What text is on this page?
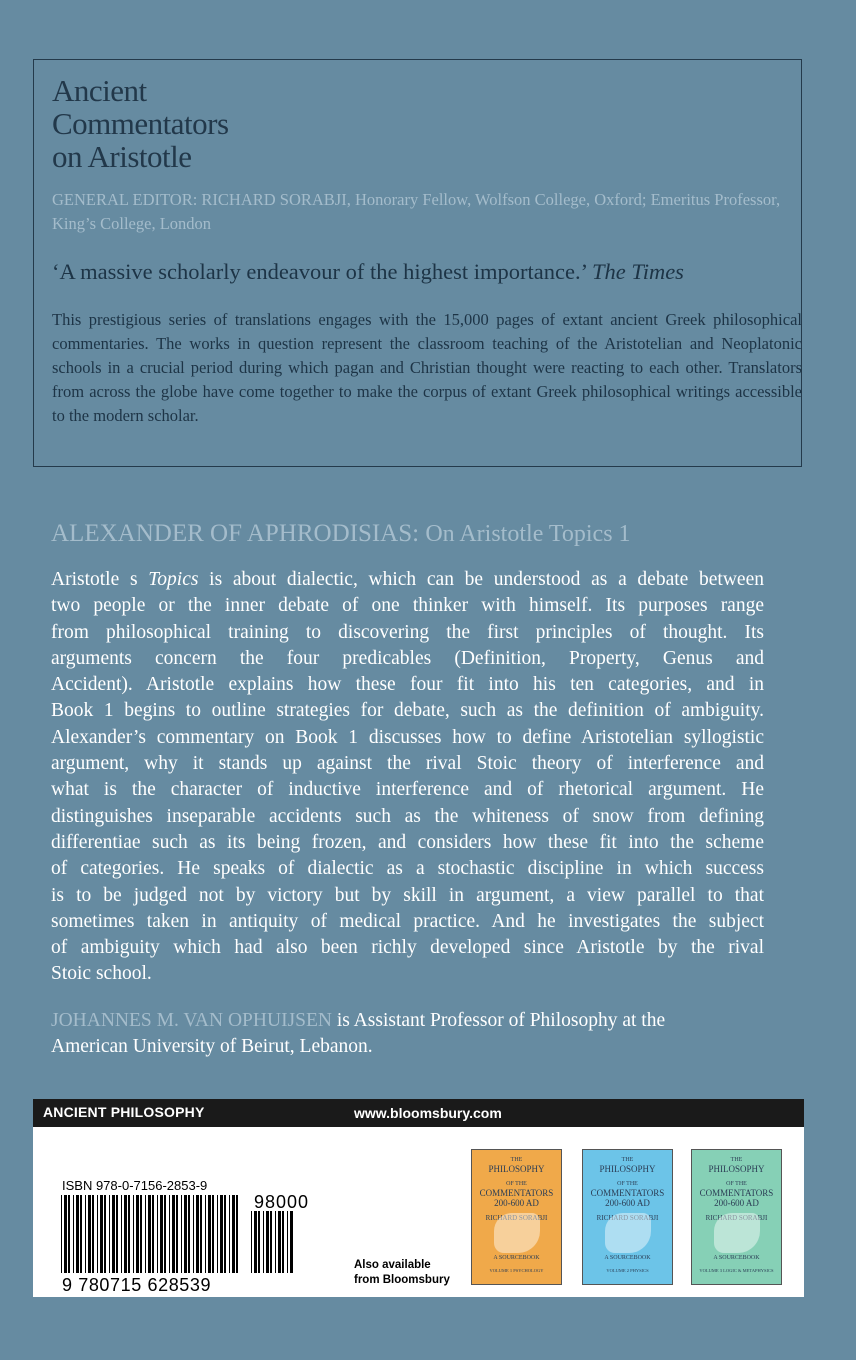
Ancient
Commentators
on Aristotle
GENERAL EDITOR: RICHARD SORABJI, Honorary Fellow, Wolfson College, Oxford; Emeritus Professor, King’s College, London
‘A massive scholarly endeavour of the highest importance.’ The Times
This prestigious series of translations engages with the 15,000 pages of extant ancient Greek philosophical commentaries. The works in question represent the classroom teaching of the Aristotelian and Neoplatonic schools in a crucial period during which pagan and Christian thought were reacting to each other. Translators from across the globe have come together to make the corpus of extant Greek philosophical writings accessible to the modern scholar.
ALEXANDER OF APHRODISIAS: On Aristotle Topics 1
Aristotle s Topics is about dialectic, which can be understood as a debate between
two people or the inner debate of one thinker with himself. Its purposes range
from philosophical training to discovering the first principles of thought. Its
arguments concern the four predicables (Definition, Property, Genus and
Accident). Aristotle explains how these four fit into his ten categories, and in
Book 1 begins to outline strategies for debate, such as the definition of ambiguity.
Alexander’s commentary on Book 1 discusses how to define Aristotelian syllogistic
argument, why it stands up against the rival Stoic theory of interference and
what is the character of inductive interference and of rhetorical argument. He
distinguishes inseparable accidents such as the whiteness of snow from defining
differentiae such as its being frozen, and considers how these fit into the scheme
of categories. He speaks of dialectic as a stochastic discipline in which success
is to be judged not by victory but by skill in argument, a view parallel to that
sometimes taken in antiquity of medical practice. And he investigates the subject
of ambiguity which had also been richly developed since Aristotle by the rival
Stoic school.
JOHANNES M. VAN OPHUIJSEN is Assistant Professor of Philosophy at the
American University of Beirut, Lebanon.
ANCIENT PHILOSOPHY	www.bloomsbury.com
ISBN 978-0-7156-2853-9
9 780715 628539
98000
Also available
from Bloomsbury
THE
PHILOSOPHY
OF THE
COMMENTATORS
200-600 AD
RICHARD SORABJI
A SOURCEBOOK
VOLUME 1 PSYCHOLOGY
THE
PHILOSOPHY
OF THE
COMMENTATORS
200-600 AD
RICHARD SORABJI
A SOURCEBOOK
VOLUME 2 PHYSICS
THE
PHILOSOPHY
OF THE
COMMENTATORS
200-600 AD
RICHARD SORABJI
A SOURCEBOOK
VOLUME 3 LOGIC & METAPHYSICS
